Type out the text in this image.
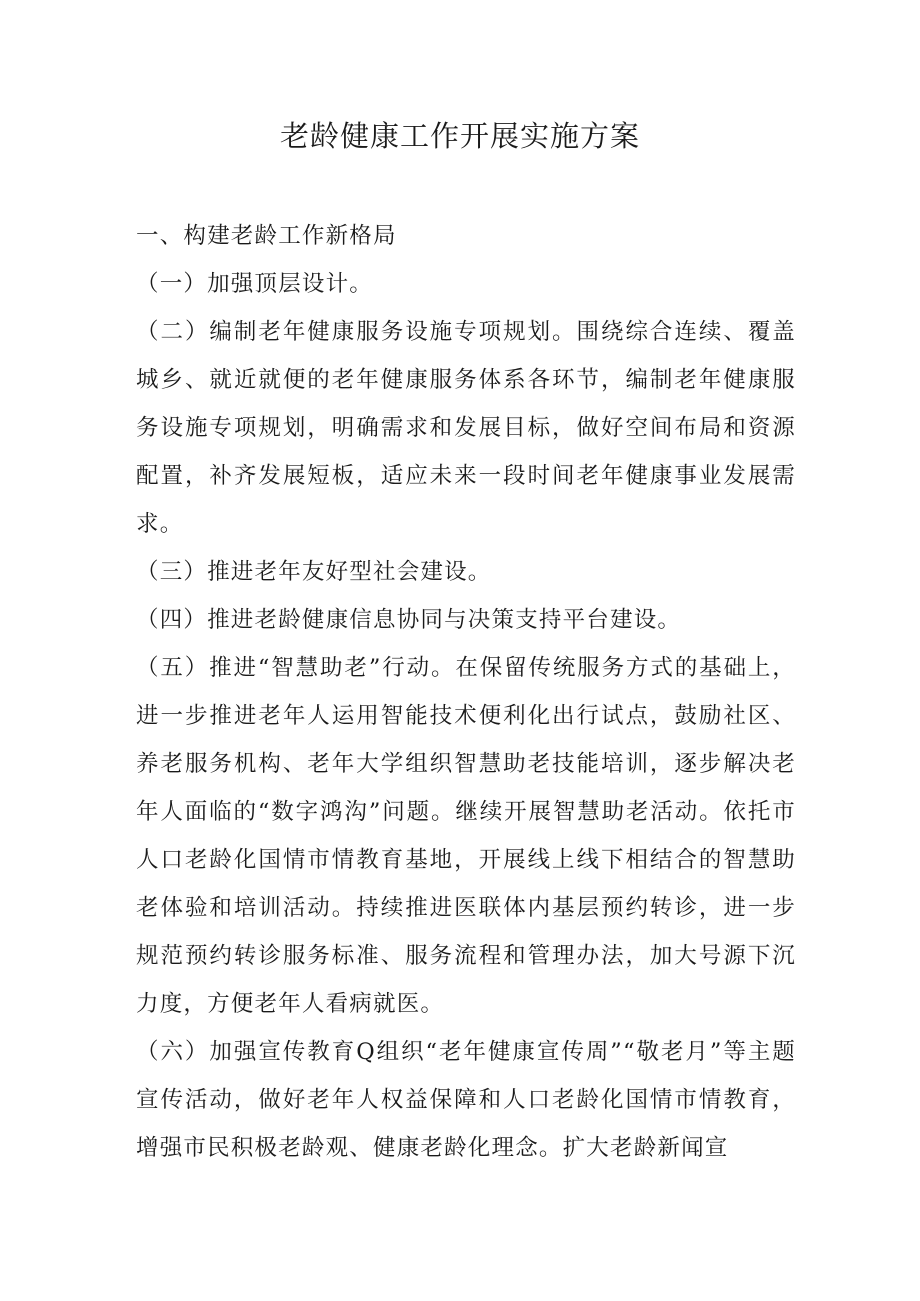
老龄健康工作开展实施方案

一、构建老龄工作新格局

（一）加强顶层设计。

（二）编制老年健康服务设施专项规划。围绕综合连续、覆盖城乡、就近就便的老年健康服务体系各环节，编制老年健康服务设施专项规划，明确需求和发展目标，做好空间布局和资源配置，补齐发展短板，适应未来一段时间老年健康事业发展需求。

（三）推进老年友好型社会建设。

（四）推进老龄健康信息协同与决策支持平台建设。

（五）推进“智慧助老”行动。在保留传统服务方式的基础上，进一步推进老年人运用智能技术便利化出行试点，鼓励社区、养老服务机构、老年大学组织智慧助老技能培训，逐步解决老年人面临的“数字鸿沟”问题。继续开展智慧助老活动。依托市人口老龄化国情市情教育基地，开展线上线下相结合的智慧助老体验和培训活动。持续推进医联体内基层预约转诊，进一步规范预约转诊服务标准、服务流程和管理办法，加大号源下沉力度，方便老年人看病就医。

（六）加强宣传教育Q组织“老年健康宣传周”“敬老月”等主题宣传活动，做好老年人权益保障和人口老龄化国情市情教育，增强市民积极老龄观、健康老龄化理念。扩大老龄新闻宣
